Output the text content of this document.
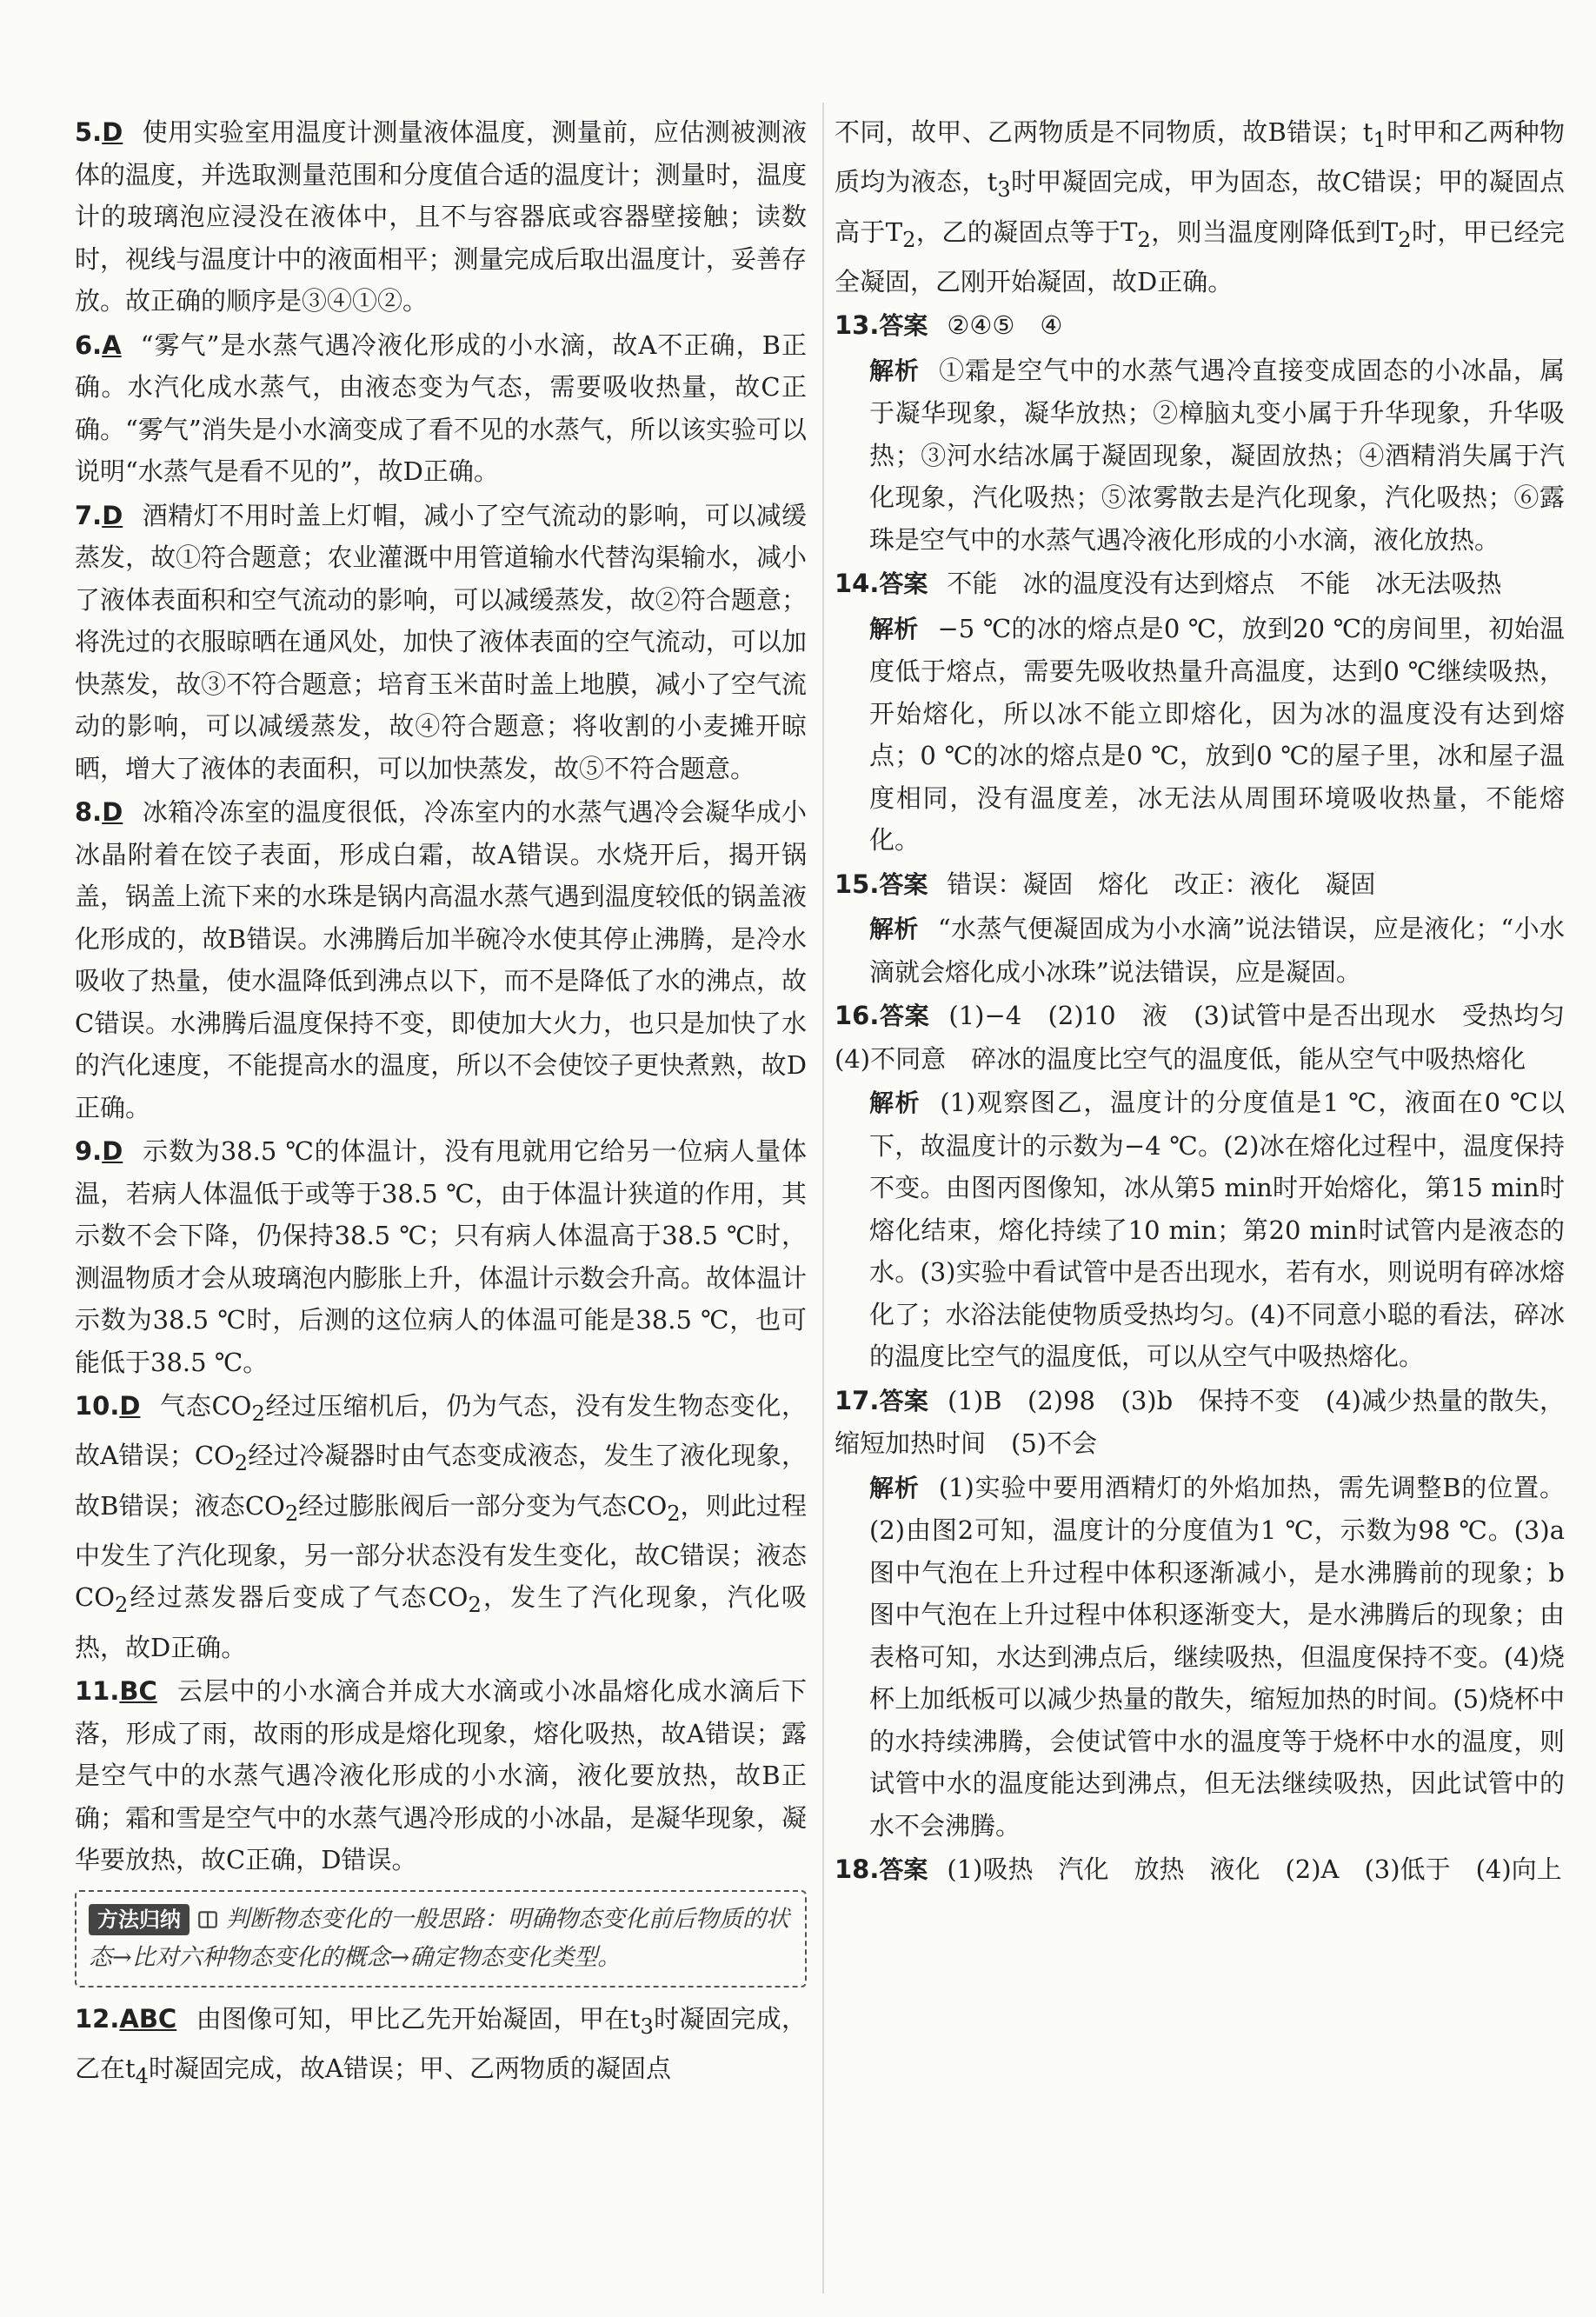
5.D 使用实验室用温度计测量液体温度，测量前，应估测被测液体的温度，并选取测量范围和分度值合适的温度计；测量时，温度计的玻璃泡应浸没在液体中，且不与容器底或容器壁接触；读数时，视线与温度计中的液面相平；测量完成后取出温度计，妥善存放。故正确的顺序是③④①②。

6.A “雾气”是水蒸气遇冷液化形成的小水滴，故A不正确，B正确。水汽化成水蒸气，由液态变为气态，需要吸收热量，故C正确。“雾气”消失是小水滴变成了看不见的水蒸气，所以该实验可以说明“水蒸气是看不见的”，故D正确。

7.D 酒精灯不用时盖上灯帽，减小了空气流动的影响，可以减缓蒸发，故①符合题意；农业灌溉中用管道输水代替沟渠输水，减小了液体表面积和空气流动的影响，可以减缓蒸发，故②符合题意；将洗过的衣服晾晒在通风处，加快了液体表面的空气流动，可以加快蒸发，故③不符合题意；培育玉米苗时盖上地膜，减小了空气流动的影响，可以减缓蒸发，故④符合题意；将收割的小麦摊开晾晒，增大了液体的表面积，可以加快蒸发，故⑤不符合题意。

8.D 冰箱冷冻室的温度很低，冷冻室内的水蒸气遇冷会凝华成小冰晶附着在饺子表面，形成白霜，故A错误。水烧开后，揭开锅盖，锅盖上流下来的水珠是锅内高温水蒸气遇到温度较低的锅盖液化形成的，故B错误。水沸腾后加半碗冷水使其停止沸腾，是冷水吸收了热量，使水温降低到沸点以下，而不是降低了水的沸点，故C错误。水沸腾后温度保持不变，即使加大火力，也只是加快了水的汽化速度，不能提高水的温度，所以不会使饺子更快煮熟，故D正确。

9.D 示数为38.5 ℃的体温计，没有甩就用它给另一位病人量体温，若病人体温低于或等于38.5 ℃，由于体温计狭道的作用，其示数不会下降，仍保持38.5 ℃；只有病人体温高于38.5 ℃时，测温物质才会从玻璃泡内膨胀上升，体温计示数会升高。故体温计示数为38.5 ℃时，后测的这位病人的体温可能是38.5 ℃，也可能低于38.5 ℃。

10.D 气态$CO_2$经过压缩机后，仍为气态，没有发生物态变化，故A错误；$CO_2$经过冷凝器时由气态变成液态，发生了液化现象，故B错误；液态$CO_2$经过膨胀阀后一部分变为气态$CO_2$，则此过程中发生了汽化现象，另一部分状态没有发生变化，故C错误；液态$CO_2$经过蒸发器后变成了气态$CO_2$，发生了汽化现象，汽化吸热，故D正确。

11.BC 云层中的小水滴合并成大水滴或小冰晶熔化成水滴后下落，形成了雨，故雨的形成是熔化现象，熔化吸热，故A错误；露是空气中的水蒸气遇冷液化形成的小水滴，液化要放热，故B正确；霜和雪是空气中的水蒸气遇冷形成的小冰晶，是凝华现象，凝华要放热，故C正确，D错误。

方法归纳 判断物态变化的一般思路：明确物态变化前后物质的状态→比对六种物态变化的概念→确定物态变化类型。

12.ABC 由图像可知，甲比乙先开始凝固，甲在$t_3$时凝固完成，乙在$t_4$时凝固完成，故A错误；甲、乙两物质的凝固点

不同，故甲、乙两物质是不同物质，故B错误；$t_1$时甲和乙两种物质均为液态，$t_3$时甲凝固完成，甲为固态，故C错误；甲的凝固点高于$T_2$，乙的凝固点等于$T_2$，则当温度刚降低到$T_2$时，甲已经完全凝固，乙刚开始凝固，故D正确。

13.答案 ②④⑤　④

解析 ①霜是空气中的水蒸气遇冷直接变成固态的小冰晶，属于凝华现象，凝华放热；②樟脑丸变小属于升华现象，升华吸热；③河水结冰属于凝固现象，凝固放热；④酒精消失属于汽化现象，汽化吸热；⑤浓雾散去是汽化现象，汽化吸热；⑥露珠是空气中的水蒸气遇冷液化形成的小水滴，液化放热。

14.答案 不能　冰的温度没有达到熔点　不能　冰无法吸热

解析 −5 ℃的冰的熔点是0 ℃，放到20 ℃的房间里，初始温度低于熔点，需要先吸收热量升高温度，达到0 ℃继续吸热，开始熔化，所以冰不能立即熔化，因为冰的温度没有达到熔点；0 ℃的冰的熔点是0 ℃，放到0 ℃的屋子里，冰和屋子温度相同，没有温度差，冰无法从周围环境吸收热量，不能熔化。

15.答案 错误：凝固　熔化　改正：液化　凝固

解析 “水蒸气便凝固成为小水滴”说法错误，应是液化；“小水滴就会熔化成小冰珠”说法错误，应是凝固。

16.答案 (1)−4　(2)10　液　(3)试管中是否出现水　受热均匀　(4)不同意　碎冰的温度比空气的温度低，能从空气中吸热熔化

解析 (1)观察图乙，温度计的分度值是1 ℃，液面在0 ℃以下，故温度计的示数为−4 ℃。(2)冰在熔化过程中，温度保持不变。由图丙图像知，冰从第5 min时开始熔化，第15 min时熔化结束，熔化持续了10 min；第20 min时试管内是液态的水。(3)实验中看试管中是否出现水，若有水，则说明有碎冰熔化了；水浴法能使物质受热均匀。(4)不同意小聪的看法，碎冰的温度比空气的温度低，可以从空气中吸热熔化。

17.答案 (1)B　(2)98　(3)b　保持不变　(4)减少热量的散失，缩短加热时间　(5)不会

解析 (1)实验中要用酒精灯的外焰加热，需先调整B的位置。(2)由图2可知，温度计的分度值为1 ℃，示数为98 ℃。(3)a图中气泡在上升过程中体积逐渐减小，是水沸腾前的现象；b图中气泡在上升过程中体积逐渐变大，是水沸腾后的现象；由表格可知，水达到沸点后，继续吸热，但温度保持不变。(4)烧杯上加纸板可以减少热量的散失，缩短加热的时间。(5)烧杯中的水持续沸腾，会使试管中水的温度等于烧杯中水的温度，则试管中水的温度能达到沸点，但无法继续吸热，因此试管中的水不会沸腾。

18.答案 (1)吸热　汽化　放热　液化　(2)A　(3)低于　(4)向上
